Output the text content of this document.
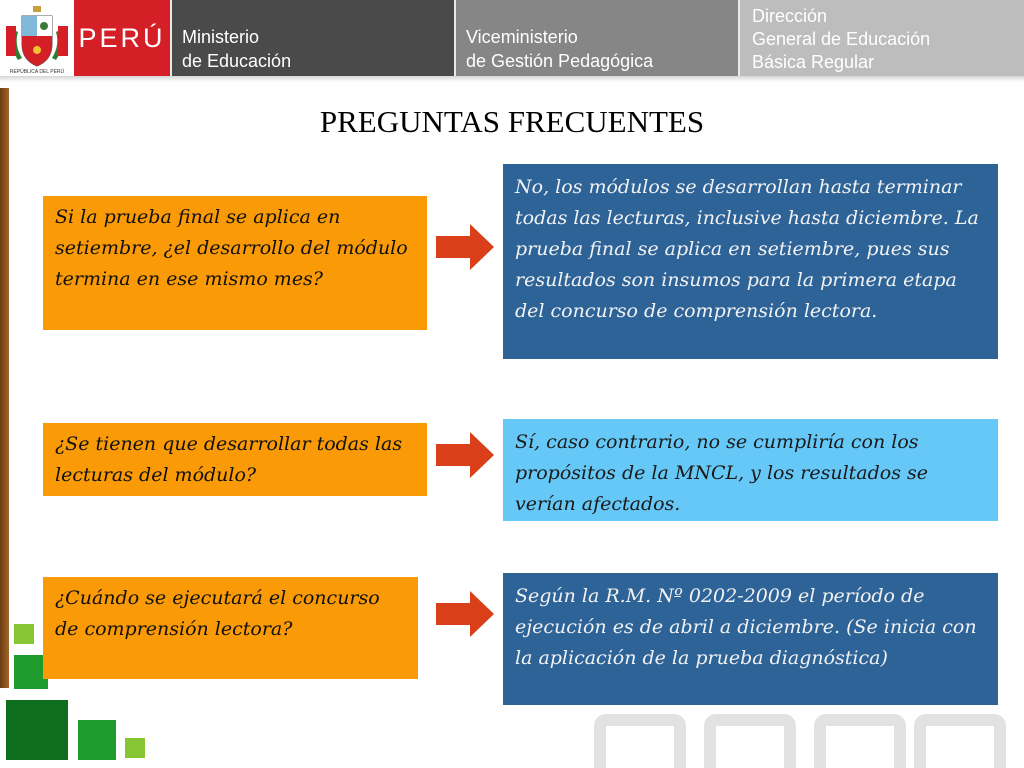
REPÚBLICA DEL PERÚ
PERÚ Ministerio
de Educación
Viceministerio
de Gestión Pedagógica
Dirección
General de Educación
Básica Regular
PREGUNTAS FRECUENTES
Si la prueba final se aplica en setiembre, ¿el desarrollo del módulo termina en ese mismo mes?
No, los módulos se desarrollan hasta terminar todas las lecturas, inclusive hasta diciembre. La prueba final se aplica en setiembre, pues sus resultados son insumos para la primera etapa del concurso de comprensión lectora.
¿Se tienen que desarrollar todas las lecturas del módulo?
Sí, caso contrario, no se cumpliría con los propósitos de la MNCL, y los resultados se verían afectados.
¿Cuándo se ejecutará el concurso de comprensión lectora?
Según la R.M. Nº 0202-2009 el período de ejecución es de abril a diciembre. (Se inicia con la aplicación de la prueba diagnóstica)
